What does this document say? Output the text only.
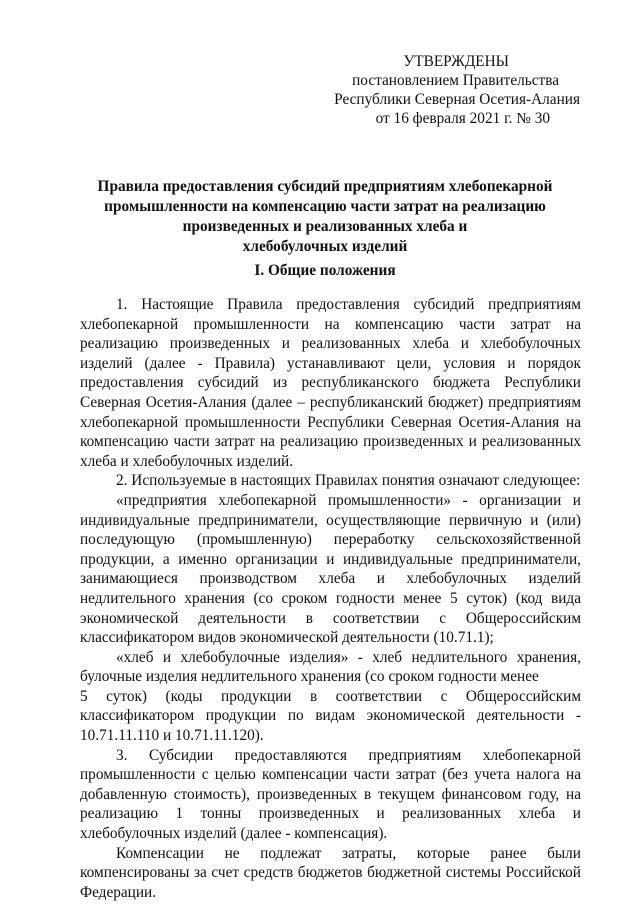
УТВЕРЖДЕНЫ
постановлением Правительства
Республики Северная Осетия-Алания
от 16 февраля 2021 г. № 30
Правила предоставления субсидий предприятиям хлебопекарной
промышленности на компенсацию части затрат на реализацию
произведенных и реализованных хлеба и
хлебобулочных изделий
I. Общие положения
1. Настоящие Правила предоставления субсидий предприятиям
хлебопекарной промышленности на компенсацию части затрат на
реализацию произведенных и реализованных хлеба и хлебобулочных
изделий (далее - Правила) устанавливают цели, условия и порядок
предоставления субсидий из республиканского бюджета Республики
Северная Осетия-Алания (далее – республиканский бюджет) предприятиям
хлебопекарной промышленности Республики Северная Осетия-Алания на
компенсацию части затрат на реализацию произведенных и реализованных
хлеба и хлебобулочных изделий.
2. Используемые в настоящих Правилах понятия означают следующее:
«предприятия хлебопекарной промышленности» - организации и
индивидуальные предприниматели, осуществляющие первичную и (или)
последующую (промышленную) переработку сельскохозяйственной
продукции, а именно организации и индивидуальные предприниматели,
занимающиеся производством хлеба и хлебобулочных изделий
недлительного хранения (со сроком годности менее 5 суток) (код вида
экономической деятельности в соответствии с Общероссийским
классификатором видов экономической деятельности (10.71.1);
«хлеб и хлебобулочные изделия» - хлеб недлительного хранения,
булочные изделия недлительного хранения (со сроком годности менее
5 суток) (коды продукции в соответствии с Общероссийским
классификатором продукции по видам экономической деятельности -
10.71.11.110 и 10.71.11.120).
3. Субсидии предоставляются предприятиям хлебопекарной
промышленности с целью компенсации части затрат (без учета налога на
добавленную стоимость), произведенных в текущем финансовом году, на
реализацию 1 тонны произведенных и реализованных хлеба и
хлебобулочных изделий (далее - компенсация).
Компенсации не подлежат затраты, которые ранее были
компенсированы за счет средств бюджетов бюджетной системы Российской
Федерации.
